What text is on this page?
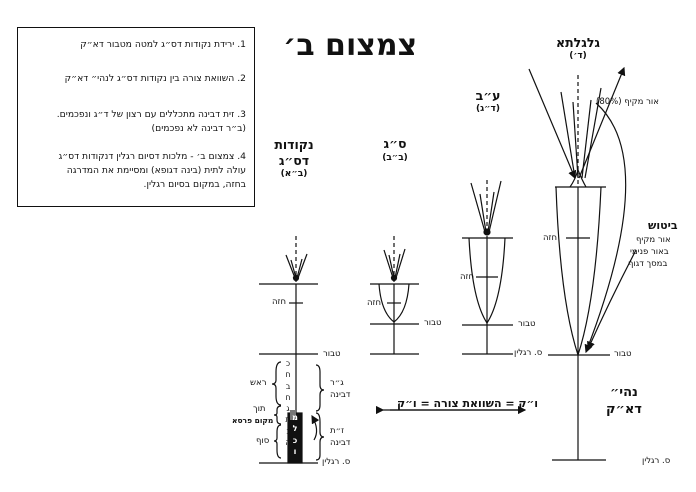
1. ירידת נקודות דס״ג למטה מטבור דא״ק

2. השוואת צורה בין נקודות דס״ג לנהי״ דא״ק

3. זית דבינה מתכללים עם רצון של ד״ג ונפכמים.

(ב״ר דבינה לא נפכמים)

4. צמצום ב׳ - מלכות דסיום רגלין דנקודות דס״ג

עולה לתית (בינה דגופא) ומסיימת את המדרגה

בחזה, במקום בסיום רגלין.

צמצום ב׳	גלגלתא
(ד׳)
ע״ב
(ד״ג)
ס״ג
(ב״ב)
נקודות
דס״ג
(ב״א)
אור מקיף (80%)
ביטוש
אור מקיף
באור פנימי
במסך דגוף
חזה
טבור
נהי״
דא״ק
ס. רגלין
חזה
טבור
ס. רגלין
חזה
טבור
חזה
טבור
ס. רגלין
ראש
תוך
מקום פרסא
סוף
ג״ר
דבינה
ז״ת
דבינה
כ
ח
ב
ח
ג
ת
נ
ה
י
מ
ל
כ
ו
ו״ק = השוואת צורה = ו״ק
